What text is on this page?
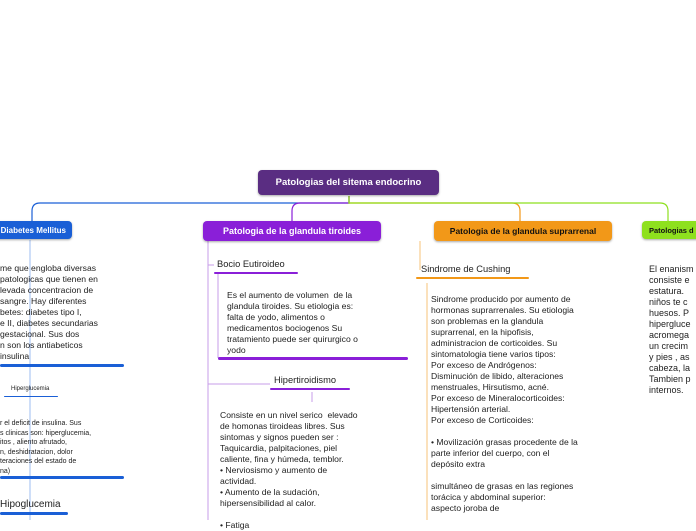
Patologias del sitema endocrino
Diabetes Mellitus
me que engloba diversas
patologicas que tienen en
levada concentracion de
sangre. Hay diferentes
betes: diabetes tipo I,
e II, diabetes secundarias
gestacional. Sus dos
n son los antiabeticos
insulina
Hiperglucemia
r el deficit de insulina. Sus
s clinicas son: hiperglucemia,
itos , aliento afrutado,
n, deshidratacion, dolor
teraciones del estado de
na)
Hipoglucemia
Patologia de la glandula tiroides
Bocio Eutiroideo
Es el aumento de volumen  de la
glandula tiroides. Su etiologia es:
falta de yodo, alimentos o
medicamentos bociogenos Su
tratamiento puede ser quirurgico o
yodo
Hipertiroidismo
Consiste en un nivel serico  elevado
de homonas tiroideas libres. Sus
sintomas y signos pueden ser :
Taquicardia, palpitaciones, piel
caliente, fina y húmeda, temblor.
• Nerviosismo y aumento de
actividad.
• Aumento de la sudación,
hipersensibilidad al calor.

• Fatiga
Patologia de la glandula suprarrenal
Sindrome de Cushing
Sindrome producido por aumento de
hormonas suprarrenales. Su etiologia
son problemas en la glandula
suprarrenal, en la hipofisis,
administracion de corticoides. Su
sintomatologia tiene varios tipos:
Por exceso de Andrógenos:
Disminución de libido, alteraciones
menstruales, Hirsutismo, acné.
Por exceso de Mineralocorticoides:
Hipertensión arterial.
Por exceso de Corticoides:

• Movilización grasas procedente de la
parte inferior del cuerpo, con el
depósito extra

simultáneo de grasas en las regiones
torácica y abdominal superior:
aspecto joroba de
Patologias d
El enanism
consiste e
estatura.
niños te c
huesos. P
hipergluce
acromega
un crecim
y pies , as
cabeza, la
Tambien p
internos.
